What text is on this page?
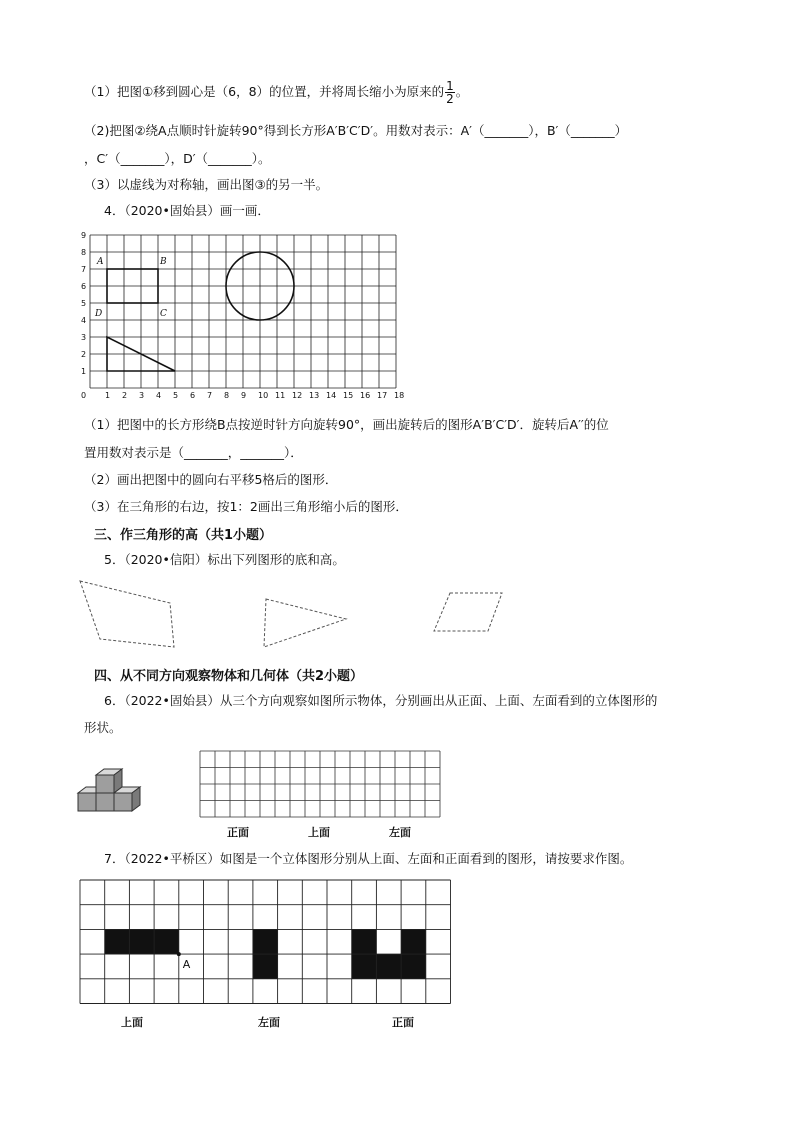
（1）把图①移到圆心是（6，8）的位置，并将周长缩小为原来的 $\frac{1}{2}$ 。
（2)把图②绕A点顺时针旋转90°得到长方形A′B′C′D′。用数对表示：A′（_______），B′（_______）
，C′（_______），D′（_______）。
（3）以虚线为对称轴，画出图③的另一半。
4．（2020•固始县）画一画．
0 1 2 3 4 5 6 7 8 9 10 11 12 13 14 15 16 17 18
1
2
3
4
5
6
7
8
9
A	B
C
D
（1）把图中的长方形绕B点按逆时针方向旋转90°，画出旋转后的图形A′B′C′D′．旋转后A′′的位
置用数对表示是（_______，_______）．
（2）画出把图中的圆向右平移5格后的图形．
（3）在三角形的右边，按1：2画出三角形缩小后的图形．
三、作三角形的高（共1小题）
5．（2020•信阳）标出下列图形的底和高。
四、从不同方向观察物体和几何体（共2小题）
6．（2022•固始县）从三个方向观察如图所示物体，分别画出从正面、上面、左面看到的立体图形的
形状。
正面	上面	左面
7．（2022•平桥区）如图是一个立体图形分别从上面、左面和正面看到的图形，请按要求作图。
A
上面	左面	正面
